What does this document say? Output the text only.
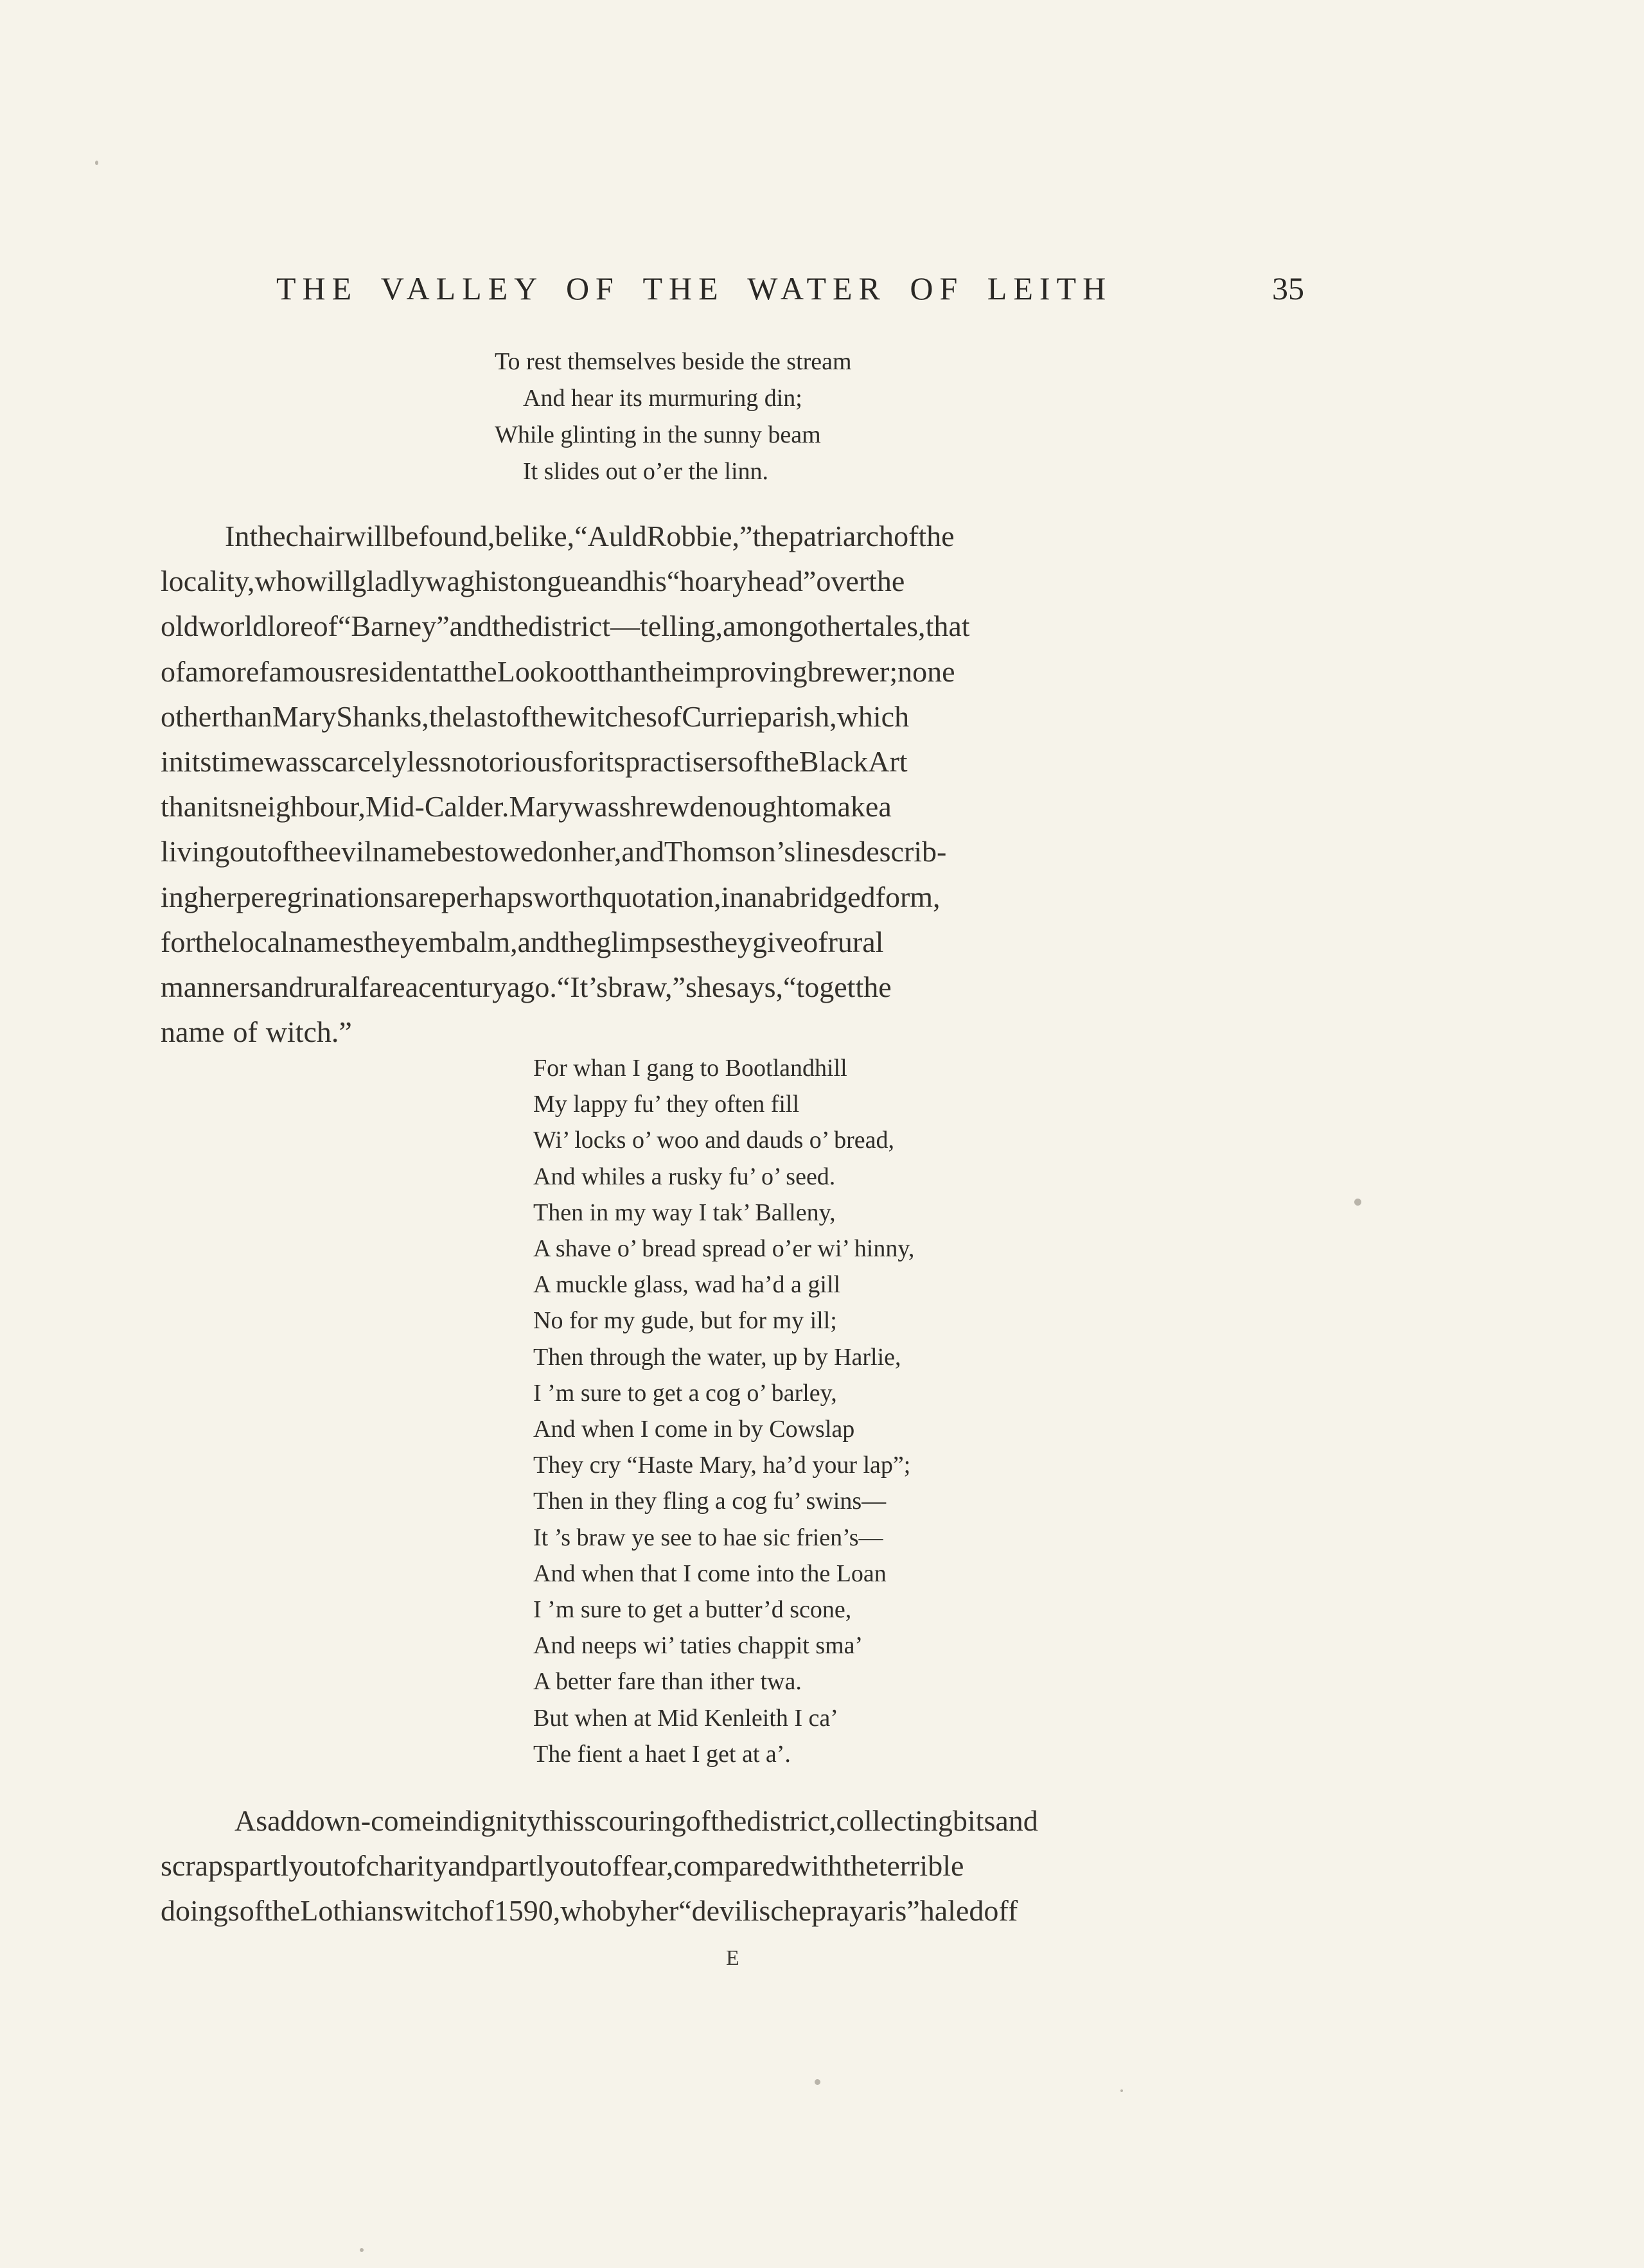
THE VALLEY OF THE WATER OF LEITH	35
To rest themselves beside the stream
And hear its murmuring din;
While glinting in the sunny beam
It slides out o’er the linn.
Inthechairwillbefound,belike,“AuldRobbie,”thepatriarchofthe
locality,whowillgladlywaghistongueandhis“hoaryhead”overthe
oldworldloreof“Barney”andthedistrict—telling,amongothertales,that
ofamorefamousresidentattheLookootthantheimprovingbrewer;none
otherthanMaryShanks,thelastofthewitchesofCurrieparish,which
initstimewasscarcelylessnotoriousforitspractisersoftheBlackArt
thanitsneighbour,Mid-Calder.Marywasshrewdenoughtomakea
livingoutoftheevilnamebestowedonher,andThomson’slinesdescrib-
ingherperegrinationsareperhapsworthquotation,inanabridgedform,
forthelocalnamestheyembalm,andtheglimpsestheygiveofrural
mannersandruralfareacenturyago.“It’sbraw,”shesays,“togetthe
name of witch.”
For whan I gang to Bootlandhill
My lappy fu’ they often fill
Wi’ locks o’ woo and dauds o’ bread,
And whiles a rusky fu’ o’ seed.
Then in my way I tak’ Balleny,
A shave o’ bread spread o’er wi’ hinny,
A muckle glass, wad ha’d a gill
No for my gude, but for my ill;
Then through the water, up by Harlie,
I ’m sure to get a cog o’ barley,
And when I come in by Cowslap
They cry “Haste Mary, ha’d your lap”;
Then in they fling a cog fu’ swins—
It ’s braw ye see to hae sic frien’s—
And when that I come into the Loan
I ’m sure to get a butter’d scone,
And neeps wi’ taties chappit sma’
A better fare than ither twa.
But when at Mid Kenleith I ca’
The fient a haet I get at a’.
Asaddown-comeindignitythisscouringofthedistrict,collectingbitsand
scrapspartlyoutofcharityandpartlyoutoffear,comparedwiththeterrible
doingsoftheLothianswitchof1590,whobyher“devilischeprayaris”haledoff
E
